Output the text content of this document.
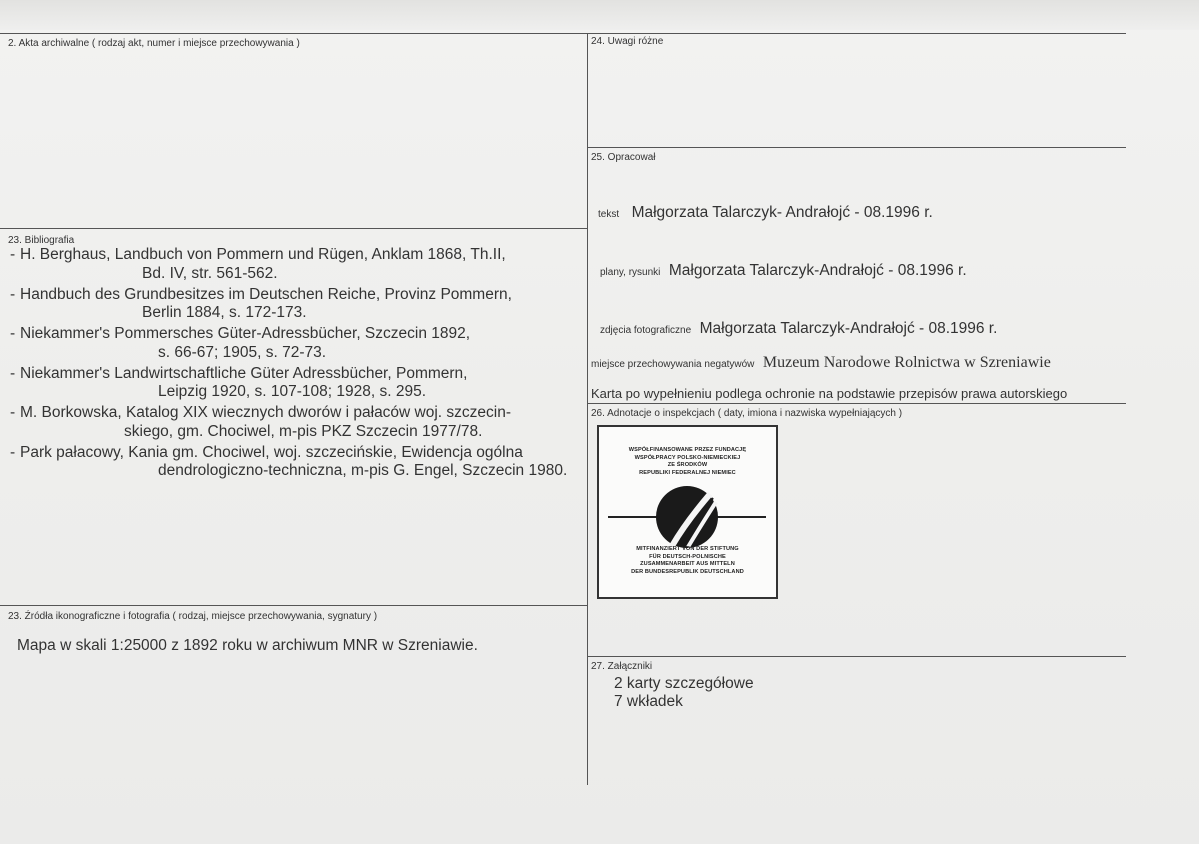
2. Akta archiwalne ( rodzaj akt, numer i miejsce przechowywania )	24. Uwagi różne
25. Opracował
tekst Małgorzata Talarczyk- Andrałojć - 08.1996 r.
plany, rysunki Małgorzata Talarczyk-Andrałojć - 08.1996 r.
zdjęcia fotograficzne Małgorzata Talarczyk-Andrałojć - 08.1996 r.
miejsce przechowywania negatywów Muzeum Narodowe Rolnictwa w Szreniawie
Karta po wypełnieniu podlega ochronie na podstawie przepisów prawa autorskiego
23. Bibliografia
- H. Berghaus, Landbuch von Pommern und Rügen, Anklam 1868, Th.II,
Bd. IV, str. 561-562.
- Handbuch des Grundbesitzes im Deutschen Reiche, Provinz Pommern,
Berlin 1884, s. 172-173.
- Niekammer's Pommersches Güter-Adressbücher, Szczecin 1892,
s. 66-67; 1905, s. 72-73.
- Niekammer's Landwirtschaftliche Güter Adressbücher, Pommern,
Leipzig 1920, s. 107-108; 1928, s. 295.
- M. Borkowska, Katalog XIX wiecznych dworów i pałaców woj. szczecin-
skiego, gm. Chociwel, m-pis PKZ Szczecin 1977/78.
- Park pałacowy, Kania gm. Chociwel, woj. szczecińskie, Ewidencja ogólna
dendrologiczno-techniczna, m-pis G. Engel, Szczecin 1980.
26. Adnotacje o inspekcjach ( daty, imiona i nazwiska wypełniających )
WSPÓŁFINANSOWANE PRZEZ FUNDACJĘ
WSPÓŁPRACY POLSKO-NIEMIECKIEJ
ZE ŚRODKÓW
REPUBLIKI FEDERALNEJ NIEMIEC
MITFINANZIERT VON DER STIFTUNG
FÜR DEUTSCH-POLNISCHE
ZUSAMMENARBEIT AUS MITTELN
DER BUNDESREPUBLIK DEUTSCHLAND
23. Źródła ikonograficzne i fotografia ( rodzaj, miejsce przechowywania, sygnatury )
Mapa w skali 1:25000 z 1892 roku w archiwum MNR w Szreniawie.
27. Załączniki
2 karty szczegółowe
7 wkładek
